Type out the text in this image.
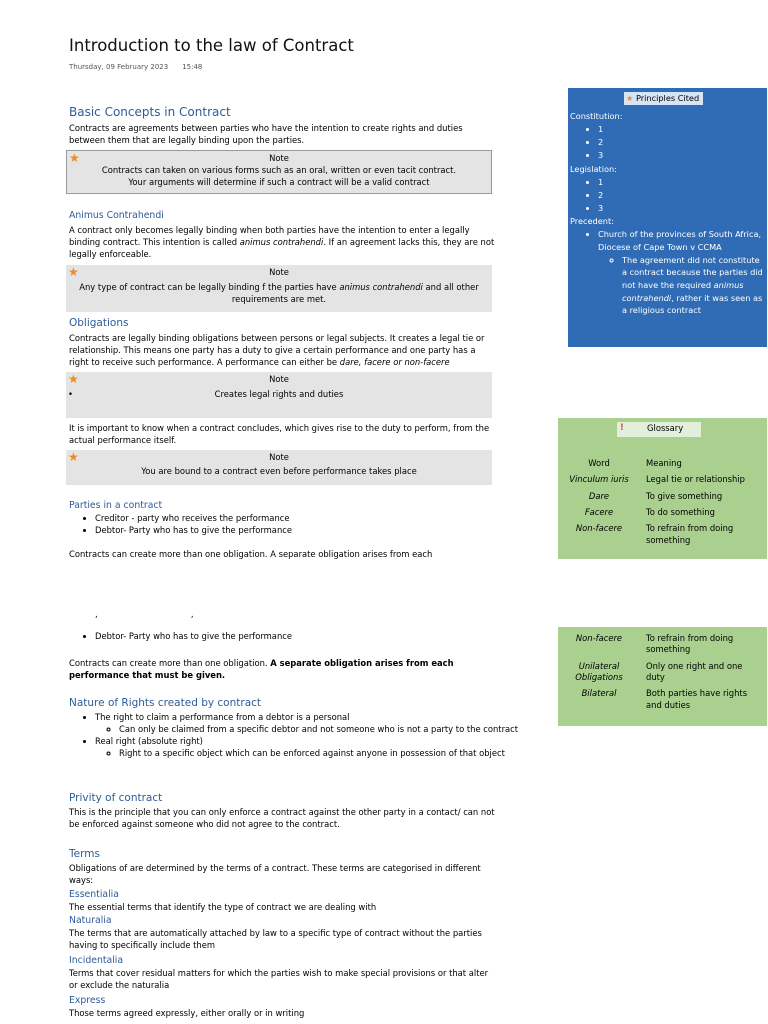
Introduction to the law of Contract
Thursday, 09 February 2023 15:48
Basic Concepts in Contract
Contracts are agreements between parties who have the intention to create rights and duties between them that are legally binding upon the parties.
★	Note
Contracts can taken on various forms such as an oral, written or even tacit contract.
Your arguments will determine if such a contract will be a valid contract
Animus Contrahendi
A contract only becomes legally binding when both parties have the intention to enter a legally binding contract. This intention is called animus contrahendi. If an agreement lacks this, they are not legally enforceable.
★	Note
Any type of contract can be legally binding f the parties have animus contrahendi and all other requirements are met.
Obligations
Contracts are legally binding obligations between persons or legal subjects. It creates a legal tie or relationship. This means one party has a duty to give a certain performance and one party has a right to receive such performance. A performance can either be dare, facere or non-facere
★	Note
•	Creates legal rights and duties
It is important to know when a contract concludes, which gives rise to the duty to perform, from the actual performance itself.
★	Note
You are bound to a contract even before performance takes place
Parties in a contract
• Creditor - party who receives the performance
• Debtor- Party who has to give the performance
Contracts can create more than one obligation. A separate obligation arises from each
,                                   ,
• Debtor- Party who has to give the performance
Contracts can create more than one obligation. A separate obligation arises from each performance that must be given.
Nature of Rights created by contract
• The right to claim a performance from a debtor is a personal
◦ Can only be claimed from a specific debtor and not someone who is not a party to the contract
• Real right (absolute right)
◦ Right to a specific object which can be enforced against anyone in possession of that object
Privity of contract
This is the principle that you can only enforce a contract against the other party in a contact/ can not be enforced against someone who did not agree to the contract.
Terms
Obligations of are determined by the terms of a contract. These terms are categorised in different ways:
Essentialia
The essential terms that identify the type of contract we are dealing with
Naturalia
The terms that are automatically attached by law to a specific type of contract without the parties having to specifically include them
Incidentalia
Terms that cover residual matters for which the parties wish to make special provisions or that alter or exclude the naturalia
Express
Those terms agreed expressly, either orally or in writing
★ Principles Cited
Constitution:
• 1
• 2
• 3
Legislation:
• 1
• 2
• 3
Precedent:
• Church of the provinces of South Africa, Diocese of Cape Town v CCMA
◦ The agreement did not constitute a contract because the parties did not have the required animus contrahendi, rather it was seen as a religious contract
!	Glossary
Word	Meaning
Vinculum iuris	Legal tie or relationship
Dare	To give something
Facere	To do something
Non-facere	To refrain from doing something
Non-facere	To refrain from doing something
Unilateral Obligations	Only one right and one duty
Bilateral	Both parties have rights and duties
